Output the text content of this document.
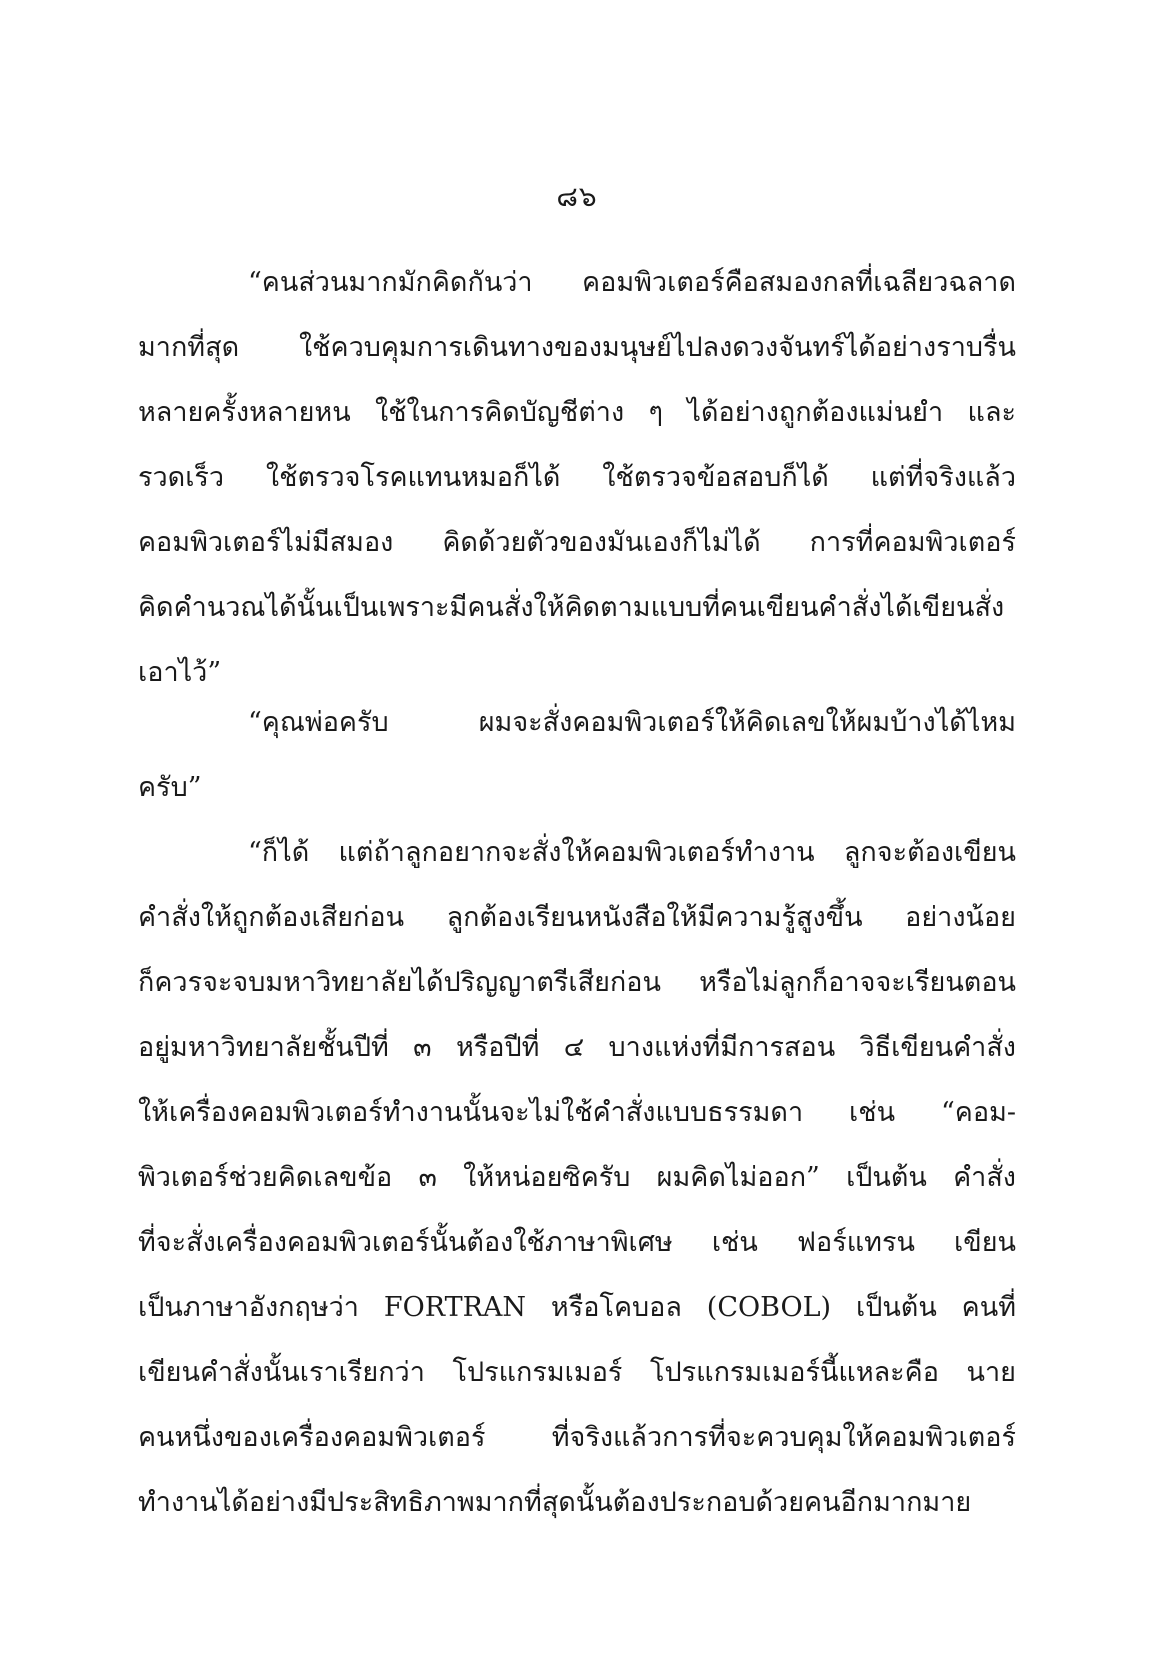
๘๖
“คนส่วนมากมักคิดกันว่า คอมพิวเตอร์คือสมองกลที่เฉลียวฉลาด
มากที่สุด ใช้ควบคุมการเดินทางของมนุษย์ไปลงดวงจันทร์ได้อย่างราบรื่น
หลายครั้งหลายหน ใช้ในการคิดบัญชีต่าง ๆ ได้อย่างถูกต้องแม่นยำ และ
รวดเร็ว ใช้ตรวจโรคแทนหมอก็ได้ ใช้ตรวจข้อสอบก็ได้ แต่ที่จริงแล้ว
คอมพิวเตอร์ไม่มีสมอง คิดด้วยตัวของมันเองก็ไม่ได้ การที่คอมพิวเตอร์
คิดคำนวณได้นั้นเป็นเพราะมีคนสั่งให้คิดตามแบบที่คนเขียนคำสั่งได้เขียนสั่ง
เอาไว้”
“คุณพ่อครับ ผมจะสั่งคอมพิวเตอร์ให้คิดเลขให้ผมบ้างได้ไหม
ครับ”
“ก็ได้ แต่ถ้าลูกอยากจะสั่งให้คอมพิวเตอร์ทำงาน ลูกจะต้องเขียน
คำสั่งให้ถูกต้องเสียก่อน ลูกต้องเรียนหนังสือให้มีความรู้สูงขึ้น อย่างน้อย
ก็ควรจะจบมหาวิทยาลัยได้ปริญญาตรีเสียก่อน หรือไม่ลูกก็อาจจะเรียนตอน
อยู่มหาวิทยาลัยชั้นปีที่ ๓ หรือปีที่ ๔ บางแห่งที่มีการสอน วิธีเขียนคำสั่ง
ให้เครื่องคอมพิวเตอร์ทำงานนั้นจะไม่ใช้คำสั่งแบบธรรมดา เช่น “คอม-
พิวเตอร์ช่วยคิดเลขข้อ ๓ ให้หน่อยซิครับ ผมคิดไม่ออก” เป็นต้น คำสั่ง
ที่จะสั่งเครื่องคอมพิวเตอร์นั้นต้องใช้ภาษาพิเศษ เช่น ฟอร์แทรน เขียน
เป็นภาษาอังกฤษว่า FORTRAN หรือโคบอล (COBOL) เป็นต้น คนที่
เขียนคำสั่งนั้นเราเรียกว่า โปรแกรมเมอร์ โปรแกรมเมอร์นี้แหละคือ นาย
คนหนึ่งของเครื่องคอมพิวเตอร์ ที่จริงแล้วการที่จะควบคุมให้คอมพิวเตอร์
ทำงานได้อย่างมีประสิทธิภาพมากที่สุดนั้นต้องประกอบด้วยคนอีกมากมาย
